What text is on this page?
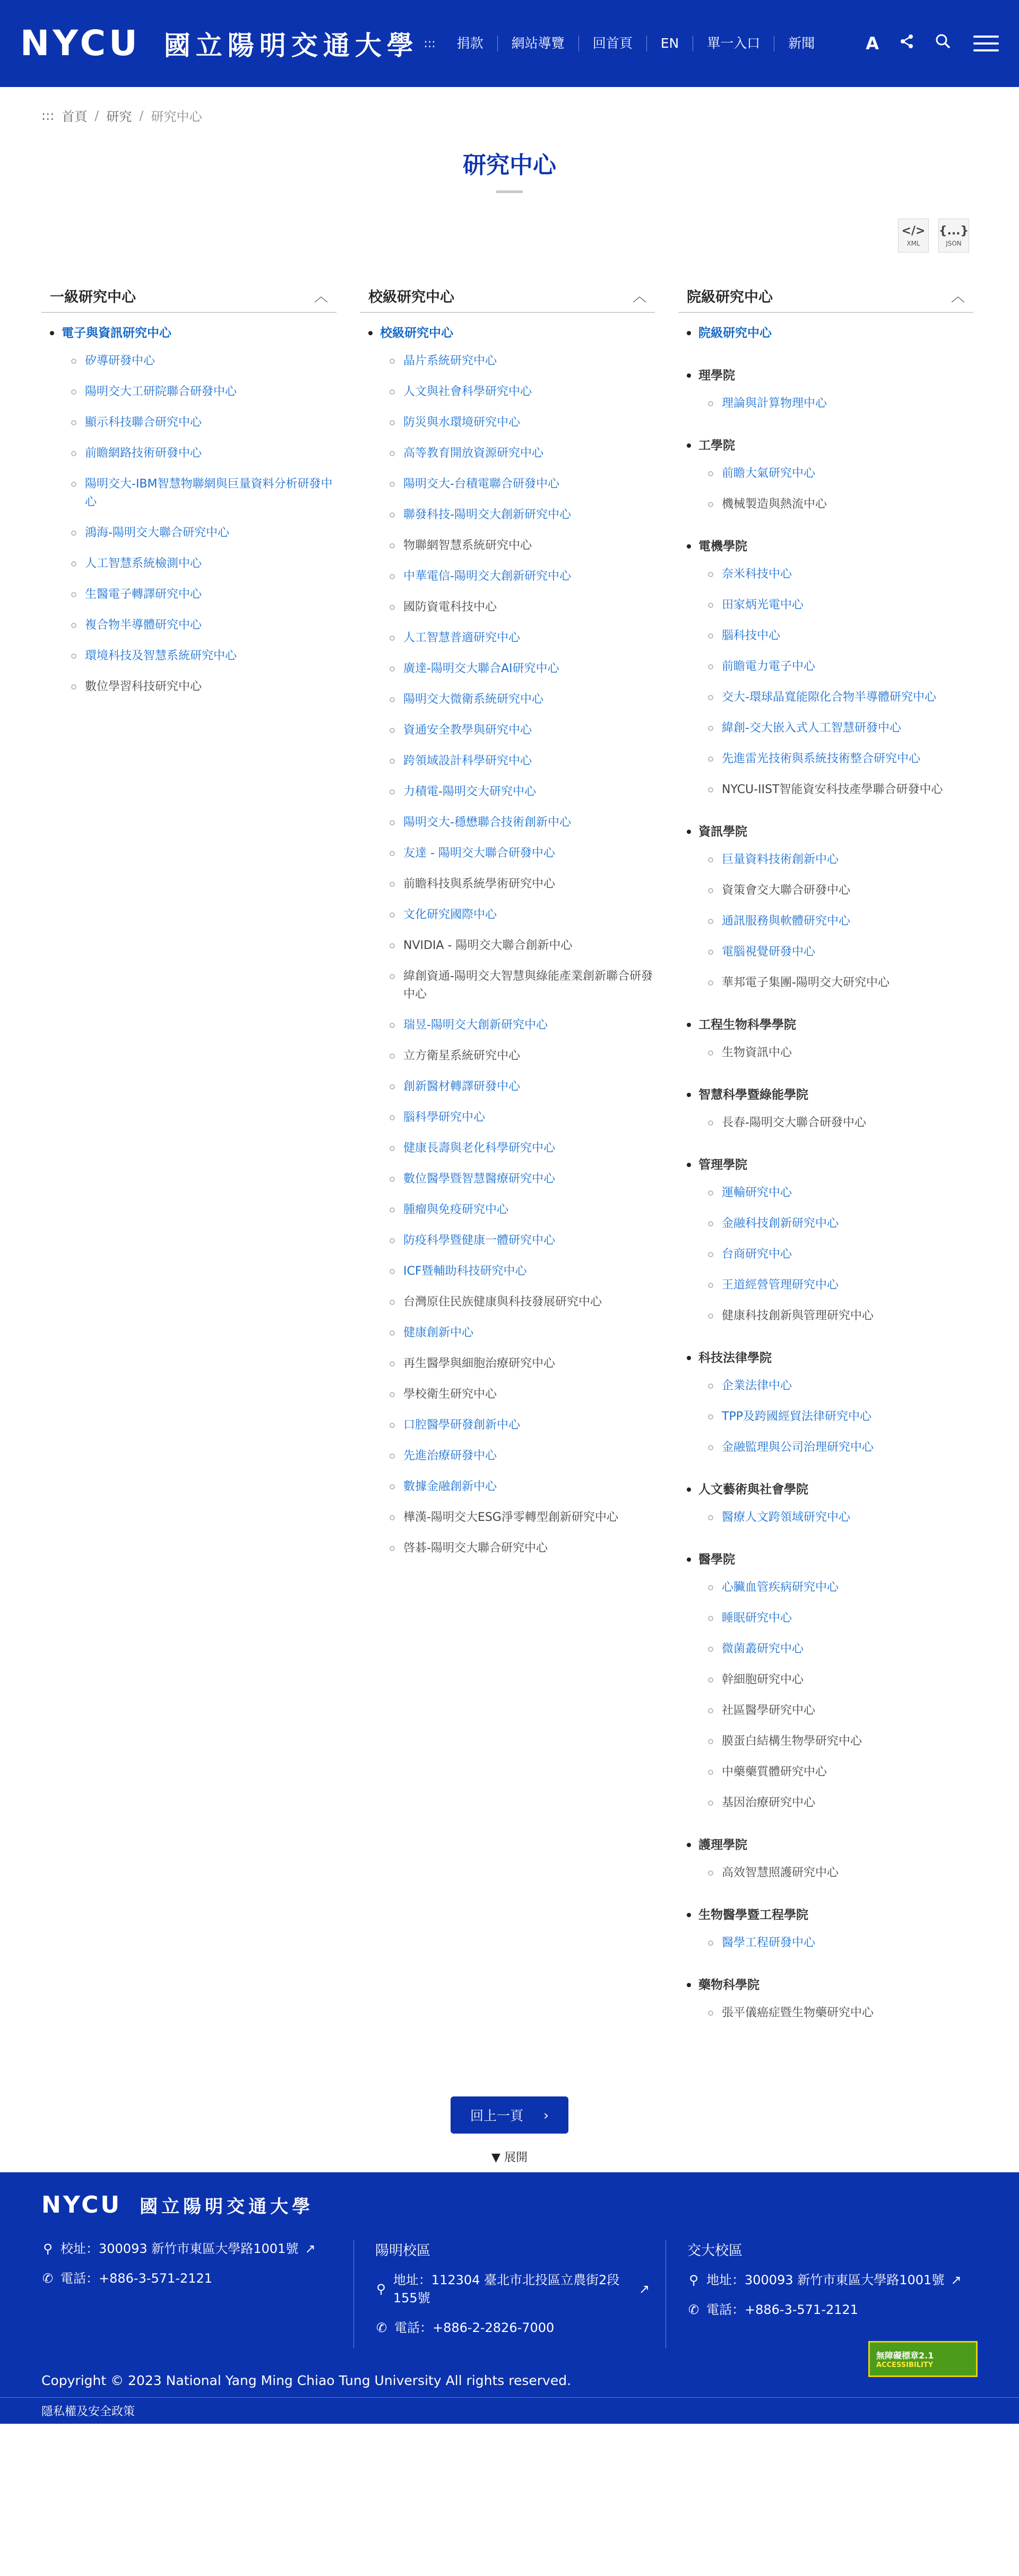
NYCU 國立陽明交通大學 :::	捐款	網站導覽	回首頁	EN	單一入口	新聞	A
::: 首頁 / 研究 / 研究中心
研究中心
</>
XML
{...}
JSON
一級研究中心	︿
電子與資訊研究中心
矽導研發中心
陽明交大工研院聯合研發中心
顯示科技聯合研究中心
前瞻網路技術研發中心
陽明交大-IBM智慧物聯網與巨量資料分析研發中心
鴻海-陽明交大聯合研究中心
人工智慧系統檢測中心
生醫電子轉譯研究中心
複合物半導體研究中心
環境科技及智慧系統研究中心
數位學習科技研究中心
校級研究中心	︿
校級研究中心
晶片系統研究中心
人文與社會科學研究中心
防災與水環境研究中心
高等教育開放資源研究中心
陽明交大-台積電聯合研發中心
聯發科技-陽明交大創新研究中心
物聯網智慧系統研究中心
中華電信-陽明交大創新研究中心
國防資電科技中心
人工智慧普適研究中心
廣達-陽明交大聯合AI研究中心
陽明交大微衛系統研究中心
資通安全教學與研究中心
跨領域設計科學研究中心
力積電-陽明交大研究中心
陽明交大-穩懋聯合技術創新中心
友達 - 陽明交大聯合研發中心
前瞻科技與系統學術研究中心
文化研究國際中心
NVIDIA - 陽明交大聯合創新中心
緯創資通-陽明交大智慧與綠能產業創新聯合研發中心
瑞昱-陽明交大創新研究中心
立方衛星系統研究中心
創新醫材轉譯研發中心
腦科學研究中心
健康長壽與老化科學研究中心
數位醫學暨智慧醫療研究中心
腫瘤與免疫研究中心
防疫科學暨健康一體研究中心
ICF暨輔助科技研究中心
台灣原住民族健康與科技發展研究中心
健康創新中心
再生醫學與細胞治療研究中心
學校衛生研究中心
口腔醫學研發創新中心
先進治療研發中心
數據金融創新中心
樺漢-陽明交大ESG淨零轉型創新研究中心
啓碁-陽明交大聯合研究中心
院級研究中心	︿
院級研究中心
理學院
理論與計算物理中心
工學院
前瞻大氣研究中心
機械製造與熱流中心
電機學院
奈米科技中心
田家炳光電中心
腦科技中心
前瞻電力電子中心
交大-環球晶寬能隙化合物半導體研究中心
緯創-交大嵌入式人工智慧研發中心
先進雷光技術與系統技術整合研究中心
NYCU-IIST智能資安科技產學聯合研發中心
資訊學院
巨量資料技術創新中心
資策會交大聯合研發中心
通訊服務與軟體研究中心
電腦視覺研發中心
華邦電子集團-陽明交大研究中心
工程生物科學學院
生物資訊中心
智慧科學暨綠能學院
長春-陽明交大聯合研發中心
管理學院
運輸研究中心
金融科技創新研究中心
台商研究中心
王道經營管理研究中心
健康科技創新與管理研究中心
科技法律學院
企業法律中心
TPP及跨國經貿法律研究中心
金融監理與公司治理研究中心
人文藝術與社會學院
醫療人文跨領域研究中心
醫學院
心臟血管疾病研究中心
睡眠研究中心
微菌叢研究中心
幹細胞研究中心
社區醫學研究中心
膜蛋白結構生物學研究中心
中藥藥質體研究中心
基因治療研究中心
護理學院
高效智慧照護研究中心
生物醫學暨工程學院
醫學工程研發中心
藥物科學院
張平儀癌症暨生物藥研究中心
回上一頁 ›
▼ 展開
NYCU 國立陽明交通大學
⚲ 校址：300093 新竹市東區大學路1001號 ↗
✆ 電話：+886-3-571-2121
陽明校區
⚲
地址：112304 臺北市北投區立農街2段155號
↗
✆ 電話：+886-2-2826-7000
交大校區
⚲ 地址：300093 新竹市東區大學路1001號 ↗
✆ 電話：+886-3-571-2121
Copyright © 2023 National Yang Ming Chiao Tung University All rights reserved.
無障礙標章2.1
ACCESSIBILITY
隱私權及安全政策
